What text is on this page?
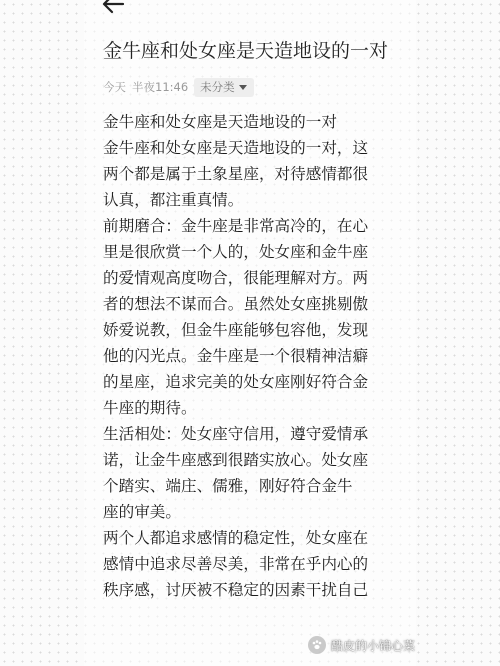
金牛座和处女座是天造地设的一对
今天 半夜11:46 未分类
金牛座和处女座是天造地设的一对
金牛座和处女座是天造地设的一对，这
两个都是属于土象星座，对待感情都很
认真，都注重真情。
前期磨合：金牛座是非常高冷的，在心
里是很欣赏一个人的，处女座和金牛座
的爱情观高度吻合，很能理解对方。两
者的想法不谋而合。虽然处女座挑剔傲
娇爱说教，但金牛座能够包容他，发现
他的闪光点。金牛座是一个很精神洁癖
的星座，追求完美的处女座刚好符合金
牛座的期待。
生活相处：处女座守信用，遵守爱情承
诺，让金牛座感到很踏实放心。处女座
个踏实、端庄、儒雅，刚好符合金牛
座的审美。
两个人都追求感情的稳定性，处女座在
感情中追求尽善尽美，非常在乎内心的
秩序感，讨厌被不稳定的因素干扰自己
酷皮的小锦心菜
